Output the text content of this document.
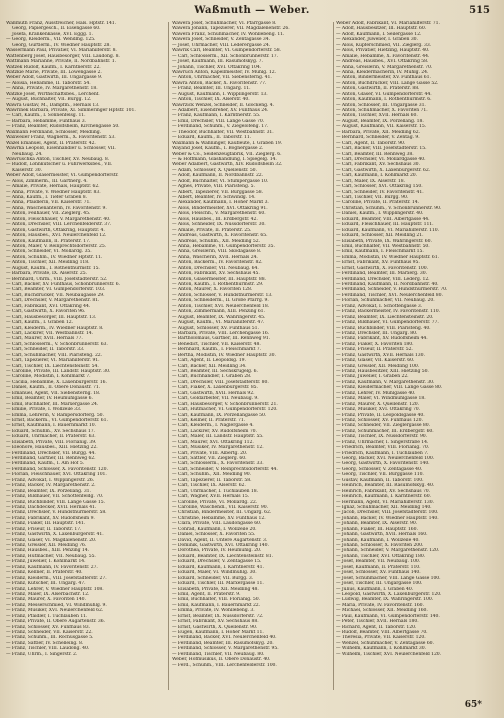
Waßmuth — Weber.	515
Waßmuth Franz, Ausstreicher, Hals. Hptstr. 141.
Georg, Papiergesch., II. Eisengasse 60.
Josefa, Krankenkasse, XVI. Eggg. 1.
— Georg, Kleiderm., VII. Wendlhg. 125.
Georg, Gürtlerm., IV. Wiedner Hauptstr. 28.
Wassermann Paul, Privatier, VI. Mariahilferstr. 8.
Wattenberg Josef, Hausbesorger, VIII. Laudong. 8.
Wattmann Marianne, Private, II. Nordbahnstr. 1.
Watzek Rudolf, Kaufm., I. Kärntnerstr. 22.
Watzkie Marie, Private, III. Löwengasse 2.
Weber Adolf, Gastwirth, III. Ungargasse 9.
— Aloisia, Hebamme, II. Taborstr. 54.
— Anna, Private, IV. Margarethenstr. 18.
Watzke Josef, Wirthschaftsbes., Lerchenf.
— August, Buchhalter, VII. Burgg. 12.
Wawra Gustav, M., Dampfm., Hernals 13.
Wawrinek Barbara, Private, XI. Simmeringer Hptstr. 101.
— Carl, Kaufm., I. Sonnenfelsg. 11.
— Barbara, Hebamme, Fünfhaus 3.
— Franz, Beamter, Rudolfsheim, Kirchengasse 50.
Waxmann Ferdinand, Schlosser, Meidling.
Waxweiler Franz, Wagnerm., X. Favoritenstr. 53.
Wazel Emanuel, Agent, II. Praterstr. 42.
Wawrka Leopold, Eisenhändler u. Schlosser, VII.
Neubaug. 24.
Wawruschka Anton, Tischler, XV. Neubaug. 8.
— Rudolf, Lohnkutscher u. Fuhrwerksbes., VII.
Kaiserstr. 30.
Weber Adolf, Glasermeister, VI. Gumpendorferstr.
— Alois, Zimmerm., III. Gärtnerg. 4.
— Amalie, Private, Hernals, Hauptstr. 62.
— Anna, Private, V. Wiedner Hauptstr. 83.
— Anna, Kaufm., I. Tiefer Graben 8.
— Anna, Pfaidlerin, VII. Kaiserstr. 71.
— Anna, Wäschenähterin, IV. Favoritenstr. 9.
— Anton, Feilhauer, VII. Zieglerg. 45.
— Anton, Fleischhauer, V. Margarethenstr. 40.
— Anton, Drechsler, VIII. Lerchenfelderstr. 37.
— Anton, Gastwirth, Ottakring, Hauptstr. 4.
— Anton, Hausbes., XVI. Neulerchenfeld 12.
— Anton, Kaufmann, II. Praterstr. 17.
— Anton, Maler, V. Reinprechtsdorferstr. 25.
— Anton, Schneider, VI. Mollardg. 35.
— Anton, Schuhm., IV. Wiedner Hptstr. 11.
— Anton, Tischler, XII. Meidling 118.
— August, Kaufm., I. Rothenthurmstr. 15.
— Barbara, Private, IX. Alserstr. 25.
— Bernhard, Uhrm., VIII. Josefstädterstr. 52.
— Carl, Bäcker, XV. Fünfhaus, Schönbrunnerstr. 6.
— Carl, Beamter, VI. Gumpendorferstr. 103.
— Carl, Buchdrucker, VII. Neubaugasse 29.
— Carl, Drechsler, V. Margarethenstr. 81.
— Carl, Fabrikant, XVI. Ottakring 44.
— Carl, Gastwirth, X. Favoriten 96.
— Carl, Hausbesorger, III. Hauptstr. 13.
— Carl, Kaufm., I. Graben 12.
— Carl, Kleiderm., IV. Wiedner Hauptstr. 8.
— Carl, Lackirer, VII. Westbahnstr. 14.
— Carl, Maurer, XVII. Hernals 77.
— Carl, Schlosserm., V. Schönbrunnerstr. 63.
— Carl, Schneider, II. Taborstr. 33.
— Carl, Schuhmacher, VIII. Piaristeng. 22.
— Carl, Tapezierer, VI. Mariahilferstr. 91.
— Carl, Tischler, IX. Liechtensteinstr. 54.
— Caroline, Private, III. Landstr. Hauptstr. 30.
— Caroline, Modistin, I. Kohlmarkt 7.
— Cäcilia, Hebamme, X. Laxenburgerstr. 16.
— Daniel, Kaufm., II. Obere Donaustr. 71.
— Emanuel, Agent, VII. Siebensterng. 18.
— Emil, Beamter, IV. Heumühlgasse 6.
— Emil, Buchhalter, III. Marxergasse 24.
— Emilie, Private, I. Wollzeile 33.
— Emma, Lehrerin, V. Rampersdorferg. 50.
— Ernst, Bäckerm., VI. Gumpendorferstr. 61.
— Ernst, Kaufmann, I. Bauernmarkt 10.
— Eduard, Schuhm., XV. Sechshaus 17.
— Eduard, Uhrmacher, II. Praterstr. 63.
— Elisabeth, Private, VIII. Florianig. 39.
— Eleonore, Hausbes., XIII. Hietzing 22.
— Ferdinand, Drechsler, VII. Burgg. 44.
— Ferdinand, Gärtner, III. Rennweg 62.
— Ferdinand, Kaufm., I. Am Hof 5.
— Ferdinand, Schlosser, X. Favoritenstr. 120.
— Florian, Fleischhauer, XVI. Ottakring 101.
— Franz, Advokat, I. Wipplingerstr. 26.
— Franz, Bäcker, IV. Margarethenstr. 2.
— Franz, Beamter, IX. Porzellang. 31.
— Franz, Bildhauer, VII. Schottenfeldg. 70.
— Franz, Buchbinder, VIII. Lange Gasse 15.
— Franz, Dachdecker, XVII. Hernals 41.
— Franz, Drechsler, V. Hundsthurmerstr. 58.
— Franz, Fabrikant, XV. Rudolfsheim 9.
— Franz, Fiaker, III. Hauptstr. 141.
— Franz, Friseur, II. Taborstr. 17.
— Franz, Gastwirth, X. Laxenburgerstr. 41.
— Franz, Glaser, VI. Magdalenenstr. 20.
— Franz, Greisler, XII. Meidling 76.
— Franz, Hausbes., XIII. Penzing 14.
— Franz, Hutmacher, VII. Neubaug. 55.
— Franz, Juwelier, I. Kohlmarkt 14.
— Franz, Kaufmann, IV. Favoritenstr. 27.
— Franz, Kellner, II. Praterstr. 40.
— Franz, Kleiderm., VIII. Josefstädterstr. 27.
— Franz, Kutscher, III. Ungarg. 47.
— Franz, Lehrer, V. Wiedner Hauptstr. 108.
— Franz, Maler, IX. Alserbachstr. 12.
— Franz, Maurer, X. Favoriten 140.
— Franz, Messerschmied, VI. Windmühlg. 9.
— Franz, Musiker, XVI. Neulerchenfeld 62.
— Franz, Pfaidler, I. Tuchlauben 11.
— Franz, Private, II. Obere Augartenstr. 36.
— Franz, Schlosser, XV. Fünfhaus 83.
— Franz, Schneider, VII. Kaiserstr. 22.
— Franz, Schuhm., III. Rochusgasse 5.
— Franz, Sattler, IV. Schelleing. 8.
— Franz, Tischler, VIII. Laudong. 40.
— Franz, Uhrm., I. Singerstr. 2.
Wawera Josef, Schuhmacher, VI. Pfarrgasse 8.
Wawera Johann, Tapezierer, VII. Magdalenenstr. 26.
Wawera Franz, Schuhmacher, IV. Wohllebeng. 11.
Wawera Josef, Schneider, V. Zentagasse 34.
— Josef, Uhrmacher, VIII. Lederergasse 24.
Wawrik Carl, Beamter, VI. Gumpendorferstr. 58.
— Carl, Schlosserm., XII. Schönbrunnerstr. 17.
— Josef, Kaufmann, III. Rasumofskyg. 7.
— Johann, Tischler, XVI. Ottakring 104.
Wawruch Anton, Kapellmeister, IV. Mühlg. 12.
— Anton, Uhrmacher, VII. Siebensterng. 41.
Wawra Anton, Bäcker, X. Favoritenstr. 77.
— Franz, Beamter, III. Ungarg. 11.
— August, Kaufmann, I. Wipplingerstr. 13.
— Anton, Tischler, IX. Alserstr. 40.
Wawrzick Wenzel, Schneider, II. Glockeng. 4.
— Adalbert, Eisendreher, XV. Fünfhaus 24.
— Franz, Kaufmann, I. Kärntnerstr. 55.
— Emil, Drechsler, VIII. Lange Gasse 70.
— Ferdinand, Schuhm., V. Ziegelofeng. 17.
— Theodor, Buchhalter, VII. Westbahnstr. 31.
— Eduard, Kaufm., II. Taborstr. 11.
Waxmann & Wähninger, Kaufleute, I. Graben 19.
Wayand Josef, Kaufm., I. Bognergasse 2.
Weber & Co., Seidenzeugfabrik, VII. Zieglerg. 6.
— & Hoffmann, Glashandlung, I. Spiegelg. 14.
Weber Adalbert, Gastwirth, XIV. Rudolfsheim 32.
— Adam, Schlosser, X. Quellenstr. 50.
— Adolf, Kaufmann, II. Nordbahnstr. 22.
— Adolf, Buchhalter, VI. Stumpergasse 10.
— Agnes, Private, VIII. Piaristeng. 5.
— Albert, Tapezierer, VII. Burggasse 58.
— Albert, Beamter, IV. Schwindg. 14.
— Alexander, Kaufmann, I. Hoher Markt 3.
— Alois, Bindermeister, XVI. Ottakring 91.
— Alois, Fleischh., V. Margarethenstr. 60.
— Alois, Hausbes., III. Erdbergstr. 42.
— Alois, Schneider, IX. Nussdorferstr. 30.
— Amalie, Private, II. Praterstr. 25.
— Andreas, Gastwirth, X. Favoritenstr. 65.
— Andreas, Schuhm., XII. Meidling 52.
— Anna, Hebamme, VI. Gumpendorferstr. 35.
— Anna, Greislerin, VIII. Skodagasse 8.
— Anna, Wäscherin, XVII. Hernals 24.
— Anton, Bäckerm., IV. Favoritenstr. 82.
— Anton, Drechsler, VII. Neubaug. 64.
— Anton, Fabrikant, XV. Sechshaus 45.
— Anton, Glasermeister, III. Hauptstr. 88.
— Anton, Kaufm., I. Rothenthurmstr. 29.
— Anton, Maurer, X. Favoriten 128.
— Anton, Schlosser, V. Hundsthurmerstr. 13.
— Anton, Schneiderm., II. Große Pfarrg. 9.
— Anton, Tischler, XVI. Neulerchenfeld 18.
— Anton, Zimmermann, XIII. Penzing 61.
— August, Beamter, IX. Währingerstr. 45.
— August, Kaufm., VI. Mariahilferstr. 47.
— August, Schlosser, XV. Fünfhaus 51.
— Barbara, Private, VIII. Lerchengasse 16.
— Bartholomäus, Gärtner, III. Rennweg 91.
— Benedict, Tischler, VII. Kaiserstr. 48.
— Bernhard, Kaufm., I. Fleischmarkt 7.
— Bertha, Modistin, IV. Wiedner Hauptstr. 30.
— Carl, Agent, II. Leopoldsg. 19.
— Carl, Bäcker, XII. Meidling 34.
— Carl, Beamter, III. Sechskrügelg. 6.
— Carl, Buchhändler, I. Graben 28.
— Carl, Drechsler, VIII. Josefstädterstr. 80.
— Carl, Fiaker, X. Laxenburgerstr. 85.
— Carl, Gastwirth, XVII. Hernals 92.
— Carl, Goldarbeiter, VII. Neubaug. 9.
— Carl, Hausbesorger, V. Schönbrunnerstr. 21.
— Carl, Hutmacher, VI. Gumpendorferstr. 120.
— Carl, Kaufmann, IX. Porzellangasse 50.
— Carl, Kellner, II. Praterstr. 71.
— Carl, Kleiderm., I. Naglergasse 4.
— Carl, Lackirer, XV. Rudolfsheim 70.
— Carl, Maler, III. Landstr. Hauptstr. 55.
— Carl, Maurer, XVI. Ottakring 112.
— Carl, Musiker, IV. Margarethenstr. 12.
— Carl, Private, VIII. Albertg. 20.
— Carl, Sattler, VII. Zieglerg. 60.
— Carl, Schlosserm., X. Favoritenstr. 33.
— Carl, Schneider, V. Reinprechtsdorferstr. 44.
— Carl, Schuhm., XII. Meidling 90.
— Carl, Tapezierer, II. Taborstr. 58.
— Carl, Tischler, IX. Alserstr. 62.
— Carl, Uhrmacher, I. Tuchlauben 18.
— Carl, Wagner, XVII. Hernals 15.
— Caroline, Private, VI. Mollardg. 22.
— Caroline, Wäschehdl., VII. Kaiserstr. 90.
— Christian, Bindermeister, III. Ungarg. 62.
— Christine, Hebamme, XV. Fünfhaus 12.
— Clara, Private, VIII. Laudongasse 60.
— Conrad, Kaufmann, I. Wollzeile 20.
— Daniel, Schlosser, X. Favoriten 55.
— David, Agent, II. Untere Augartenstr. 3.
— Dominik, Gastwirth, XVI. Ottakring 140.
— Dorothea, Private, IV. Heumühlg. 20.
— Eduard, Beamter, IX. Liechtensteinstr. 81.
— Eduard, Drechsler, V. Zentagasse 15.
— Eduard, Kaufmann, I. Kärntnerstr. 41.
— Eduard, Maler, VI. Windmühlg. 30.
— Eduard, Schneider, VII. Burgg. 3.
— Eduard, Tischler, III. Marxergasse 11.
— Elisabeth, Private, XII. Meidling 48.
— Emil, Agent, II. Praterstr. 9.
— Emil, Buchhalter, VIII. Florianig. 50.
— Emil, Kaufmann, I. Bauernmarkt 22.
— Emma, Private, IV. Wohllebeng. 3.
— Ernst, Beamter, IX. Nussdorferstr. 72.
— Ernst, Fabrikant, XV. Sechshaus 88.
— Ernst, Gastwirth, X. Quellenstr. 90.
— Eugen, Kaufmann, I. Hoher Markt 11.
— Ferdinand, Bäcker, XVI. Neulerchenfeld 40.
— Ferdinand, Beamter, III. Rasumofskyg. 20.
— Ferdinand, Schlosser, V. Margarethenstr. 95.
— Ferdinand, Tischler, VII. Neubaug. 80.
Weber, Hofmusikus, II. Obere Donaustr. 40.
— Ferd., Schuhm., VIII. Lerchenfelderstr. 100.
Weber Adolf, Fabrikant, VI. Mariahilferstr. 71.
— Adolf, Hausbesitzer, III. Hauptstr. 60.
— Adolf, Kaufmann, I. Seilergasse 12.
— Alexander, Juwelier, I. Graben 30.
— Alois, Kupferschmied, VII. Zieglerg. 33.
— Alois, Privatier, Hietzing, Hauptstr. 40.
— Amalie, Hebamme, X. Favoritenstr. 44.
— Andreas, Hausbes., XVI. Ottakring 58.
— Anna, Greislerin, V. Margarethenstr. 70.
— Anna, Kleidermacherin, IV. Mühlg. 24.
— Anton, Bindermeister, XV. Fünfhaus 61.
— Anton, Buchdrucker, VIII. Lange Gasse 52.
— Anton, Gastwirth, II. Praterstr. 88.
— Anton, Glaser, VI. Gumpendorferstr. 44.
— Anton, Kaufmann, I. Rothenthurmstr. 6.
— Anton, Schlosser, III. Ungargasse 31.
— Anton, Schuhmacher, X. Favoriten 71.
— Anton, Tischler, XVII. Hernals 60.
— August, Beamter, IX. Porzellang. 18.
— August, Kaufmann, VII. Kaiserstr. 15.
— Barbara, Private, XII. Meidling 62.
— Bernhard, Schneider, V. Zentag. 9.
— Carl, Agent, II. Taborstr. 90.
— Carl, Bäcker, VIII. Josefstädterstr. 15.
— Carl, Beamter, III. Rennweg 38.
— Carl, Drechsler, VI. Mollardgasse 40.
— Carl, Fabrikant, XV. Sechshaus 30.
— Carl, Gastwirth, X. Laxenburgerstr. 62.
— Carl, Kaufmann, I. Kohlmarkt 20.
— Carl, Maler, IX. Alserstr. 18.
— Carl, Schlosser, XVI. Ottakring 150.
— Carl, Schneider, IV. Favoritenstr. 41.
— Carl, Tischler, VII. Burgg. 90.
— Caroline, Private, II. Praterstr. 14.
— Christian, Schuhm., V. Schönbrunnerstr. 90.
— Daniel, Kaufm., I. Wipplingerstr. 40.
— Eduard, Beamter, VIII. Albertgasse 44.
— Eduard, Fleischhauer, III. Hauptstr. 111.
— Eduard, Kaufmann, VI. Mariahilferstr. 110.
— Eduard, Schlosser, XII. Meidling 21.
— Elisabeth, Private, IX. Währingerstr. 60.
— Emil, Buchhalter, VII. Westbahnstr. 50.
— Emil, Kaufmann, I. Fleischmarkt 15.
— Emma, Modistin, IV. Wiedner Hauptstr. 61.
— Ernst, Fabrikant, XV. Fünfhaus 95.
— Ernst, Gastwirth, X. Favoritenstr. 100.
— Ferdinand, Beamter, III. Marxerg. 30.
— Ferdinand, Drechsler, VIII. Lederg. 12.
— Ferdinand, Kaufmann, II. Nordbahnstr. 40.
— Ferdinand, Schneider, V. Hundsthurmerstr. 70.
— Ferdinand, Tischler, XVI. Neulerchenfeld 80.
— Florian, Schuhmacher, VII. Neubaug. 20.
— Franz, Advokat, I. Schottengasse 3.
— Franz, Bäckermeister, IV. Favoritenstr. 110.
— Franz, Beamter, IX. Liechtensteinstr. 20.
— Franz, Bildhauer, VI. Gumpendorferstr. 77.
— Franz, Buchbinder, VIII. Piaristeng. 40.
— Franz, Drechsler, III. Ungarg. 80.
— Franz, Fabrikant, XV. Rudolfsheim 44.
— Franz, Fiaker, X. Favoriten 180.
— Franz, Friseur, II. Praterstr. 52.
— Franz, Gastwirth, XVII. Hernals 130.
— Franz, Glaser, VII. Kaiserstr. 60.
— Franz, Greisler, XII. Meidling 100.
— Franz, Hausbesitzer, XIII. Hietzing 50.
— Franz, Juwelier, I. Graben 22.
— Franz, Kaufmann, V. Margarethenstr. 30.
— Franz, Kleidermacher, VIII. Lange Gasse 80.
— Franz, Lehrer, IV. Mühlgasse 40.
— Franz, Maler, VI. Windmühlgasse 18.
— Franz, Maurer, X. Quellenstr. 120.
— Franz, Musiker, XVI. Ottakring 70.
— Franz, Private, II. Leopoldsgasse 40.
— Franz, Schlosser, XV. Fünfhaus 120.
— Franz, Schneider, VII. Zieglergasse 80.
— Franz, Schuhmacher, III. Erdbergstr. 60.
— Franz, Tischler, IX. Nussdorferstr. 90.
— Franz, Uhrmacher, I. Singerstraße 14.
— Friedrich, Beamter, VIII. Florianig. 70.
— Friedrich, Kaufmann, I. Tuchlauben 7.
— Georg, Bäcker, XVI. Neulerchenfeld 100.
— Georg, Gastwirth, X. Favoritenstr. 140.
— Georg, Schlosser, V. Zentagasse 40.
— Georg, Tischler, VII. Burggasse 110.
— Gustav, Kaufmann, II. Taborstr. 100.
— Heinrich, Beamter, III. Rasumofskyg. 40.
— Heinrich, Fabrikant, XV. Sechshaus 70.
— Heinrich, Kaufmann, I. Kärntnerstr. 60.
— Hermann, Agent, VI. Mariahilferstr. 130.
— Ignaz, Schuhmacher, XII. Meidling 140.
— Jacob, Drechsler, VIII. Josefstädterstr. 100.
— Johann, Bäcker, IV. Wiedner Hauptstr. 140.
— Johann, Beamter, IX. Alserstr. 90.
— Johann, Fiaker, III. Hauptstr. 160.
— Johann, Gastwirth, XVII. Hernals 160.
— Johann, Kaufmann, I. Wollzeile 40.
— Johann, Schlosser, X. Favoriten 200.
— Johann, Schneider, V. Margarethenstr. 120.
— Johann, Tischler, XVI. Ottakring 180.
— Josef, Beamter, VII. Neubaug. 100.
— Josef, Kaufmann, II. Praterstr. 110.
— Josef, Schlosser, XV. Fünfhaus 140.
— Josef, Schuhmacher, VIII. Lange Gasse 100.
— Josef, Tischler, III. Ungargasse 100.
— Julius, Kaufmann, I. Graben 40.
— Leopold, Gastwirth, X. Laxenburgerstr. 120.
— Ludwig, Beamter, IX. Währingerstr. 100.
— Maria, Private, IV. Favoritenstr. 160.
— Michael, Schlosser, XII. Meidling 160.
— Paul, Kaufmann, VI. Gumpendorferstr. 140.
— Peter, Tischler, XVII. Hernals 180.
— Richard, Agent, II. Taborstr. 120.
— Rudolf, Beamter, VIII. Albertgasse 70.
— Theresia, Private, VII. Kaiserstr. 120.
— Wenzel, Schuhmacher, V. Zentagasse 60.
— Wilhelm, Kaufmann, I. Kohlmarkt 30.
— Wilhelm, Tischler, XVI. Neulerchenfeld 120.
65*
